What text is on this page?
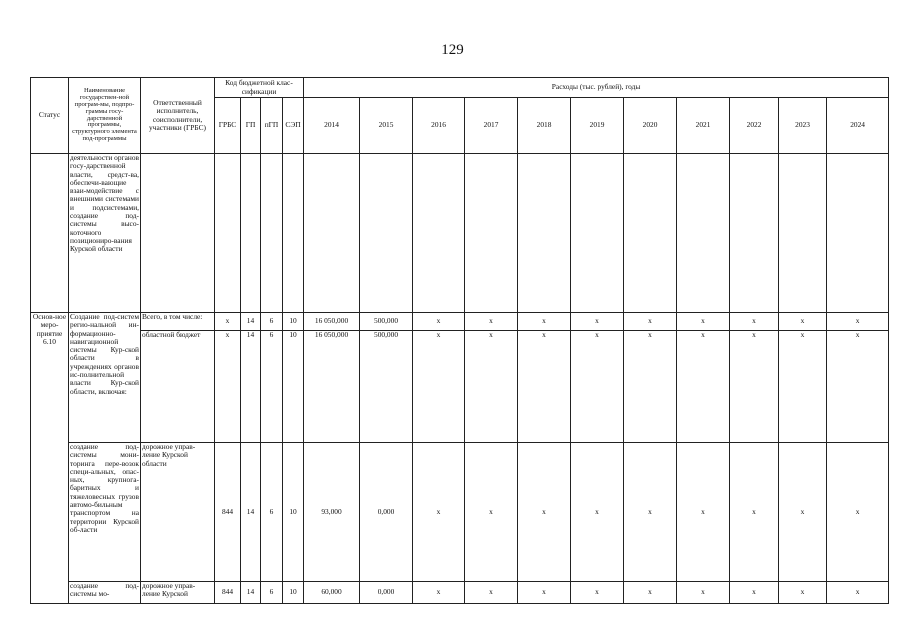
129
Статус	Наименование государствен-ной програм-мы, подпро-граммы госу-дарственной программы, структурного элемента под-программы	Ответственный исполнитель, соисполнители, участники (ГРБС)	Код бюджетной клас-сификации				Расходы (тыс. рублей), годы										
			ГРБС	ГП	пГП	СЭП	2014	2015	2016	2017	2018	2019	2020	2021	2022	2023	2024
	деятельности органов госу-дарственной власти, средст-ва, обеспечи-вающие взаи-модействие с внешними системами и подсистемами, создание под-системы высо-коточного позициониро-вания Курской области																
Основ-ное меро-приятие 6.10	Создание под-систем регио-нальной ин-формационно-навигационной системы Кур-ской области в учреждениях органов ис-полнительной власти Кур-ской области, включая:	Всего, в том числе:	х	14	6	10	16 050,000	500,000	х	х	х	х	х	х	х	х	х
		областной бюджет	х	14	6	10	16 050,000	500,000	х	х	х	х	х	х	х	х	х
	создание под-системы мони-торинга пере-возок специ-альных, опас-ных, крупнога-баритных и тяжеловесных грузов автомо-бильным транспортом на территории Курской об-ласти	дорожное управ-ление Курской области	844	14	6	10	93,000	0,000	х	х	х	х	х	х	х	х	х
	создание под-системы мо-	дорожное управ-ление Курской	844	14	6	10	60,000	0,000	х	х	х	х	х	х	х	х	х
